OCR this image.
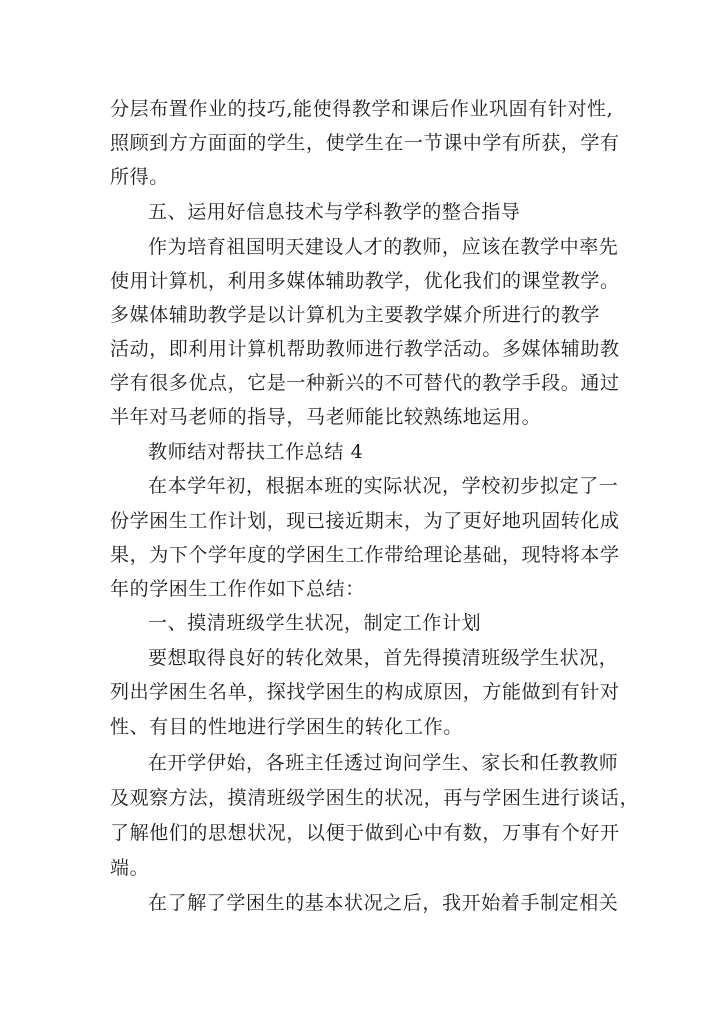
分层布置作业的技巧,能使得教学和课后作业巩固有针对性,
照顾到方方面面的学生，使学生在一节课中学有所获，学有
所得。
五、运用好信息技术与学科教学的整合指导
作为培育祖国明天建设人才的教师，应该在教学中率先
使用计算机，利用多媒体辅助教学，优化我们的课堂教学。
多媒体辅助教学是以计算机为主要教学媒介所进行的教学
活动，即利用计算机帮助教师进行教学活动。多媒体辅助教
学有很多优点，它是一种新兴的不可替代的教学手段。通过
半年对马老师的指导，马老师能比较熟练地运用。
教师结对帮扶工作总结 4
在本学年初，根据本班的实际状况，学校初步拟定了一
份学困生工作计划，现已接近期末，为了更好地巩固转化成
果，为下个学年度的学困生工作带给理论基础，现特将本学
年的学困生工作作如下总结：
一、摸清班级学生状况，制定工作计划
要想取得良好的转化效果，首先得摸清班级学生状况，
列出学困生名单，探找学困生的构成原因，方能做到有针对
性、有目的性地进行学困生的转化工作。
在开学伊始，各班主任透过询问学生、家长和任教教师
及观察方法，摸清班级学困生的状况，再与学困生进行谈话，
了解他们的思想状况，以便于做到心中有数，万事有个好开
端。
在了解了学困生的基本状况之后，我开始着手制定相关
